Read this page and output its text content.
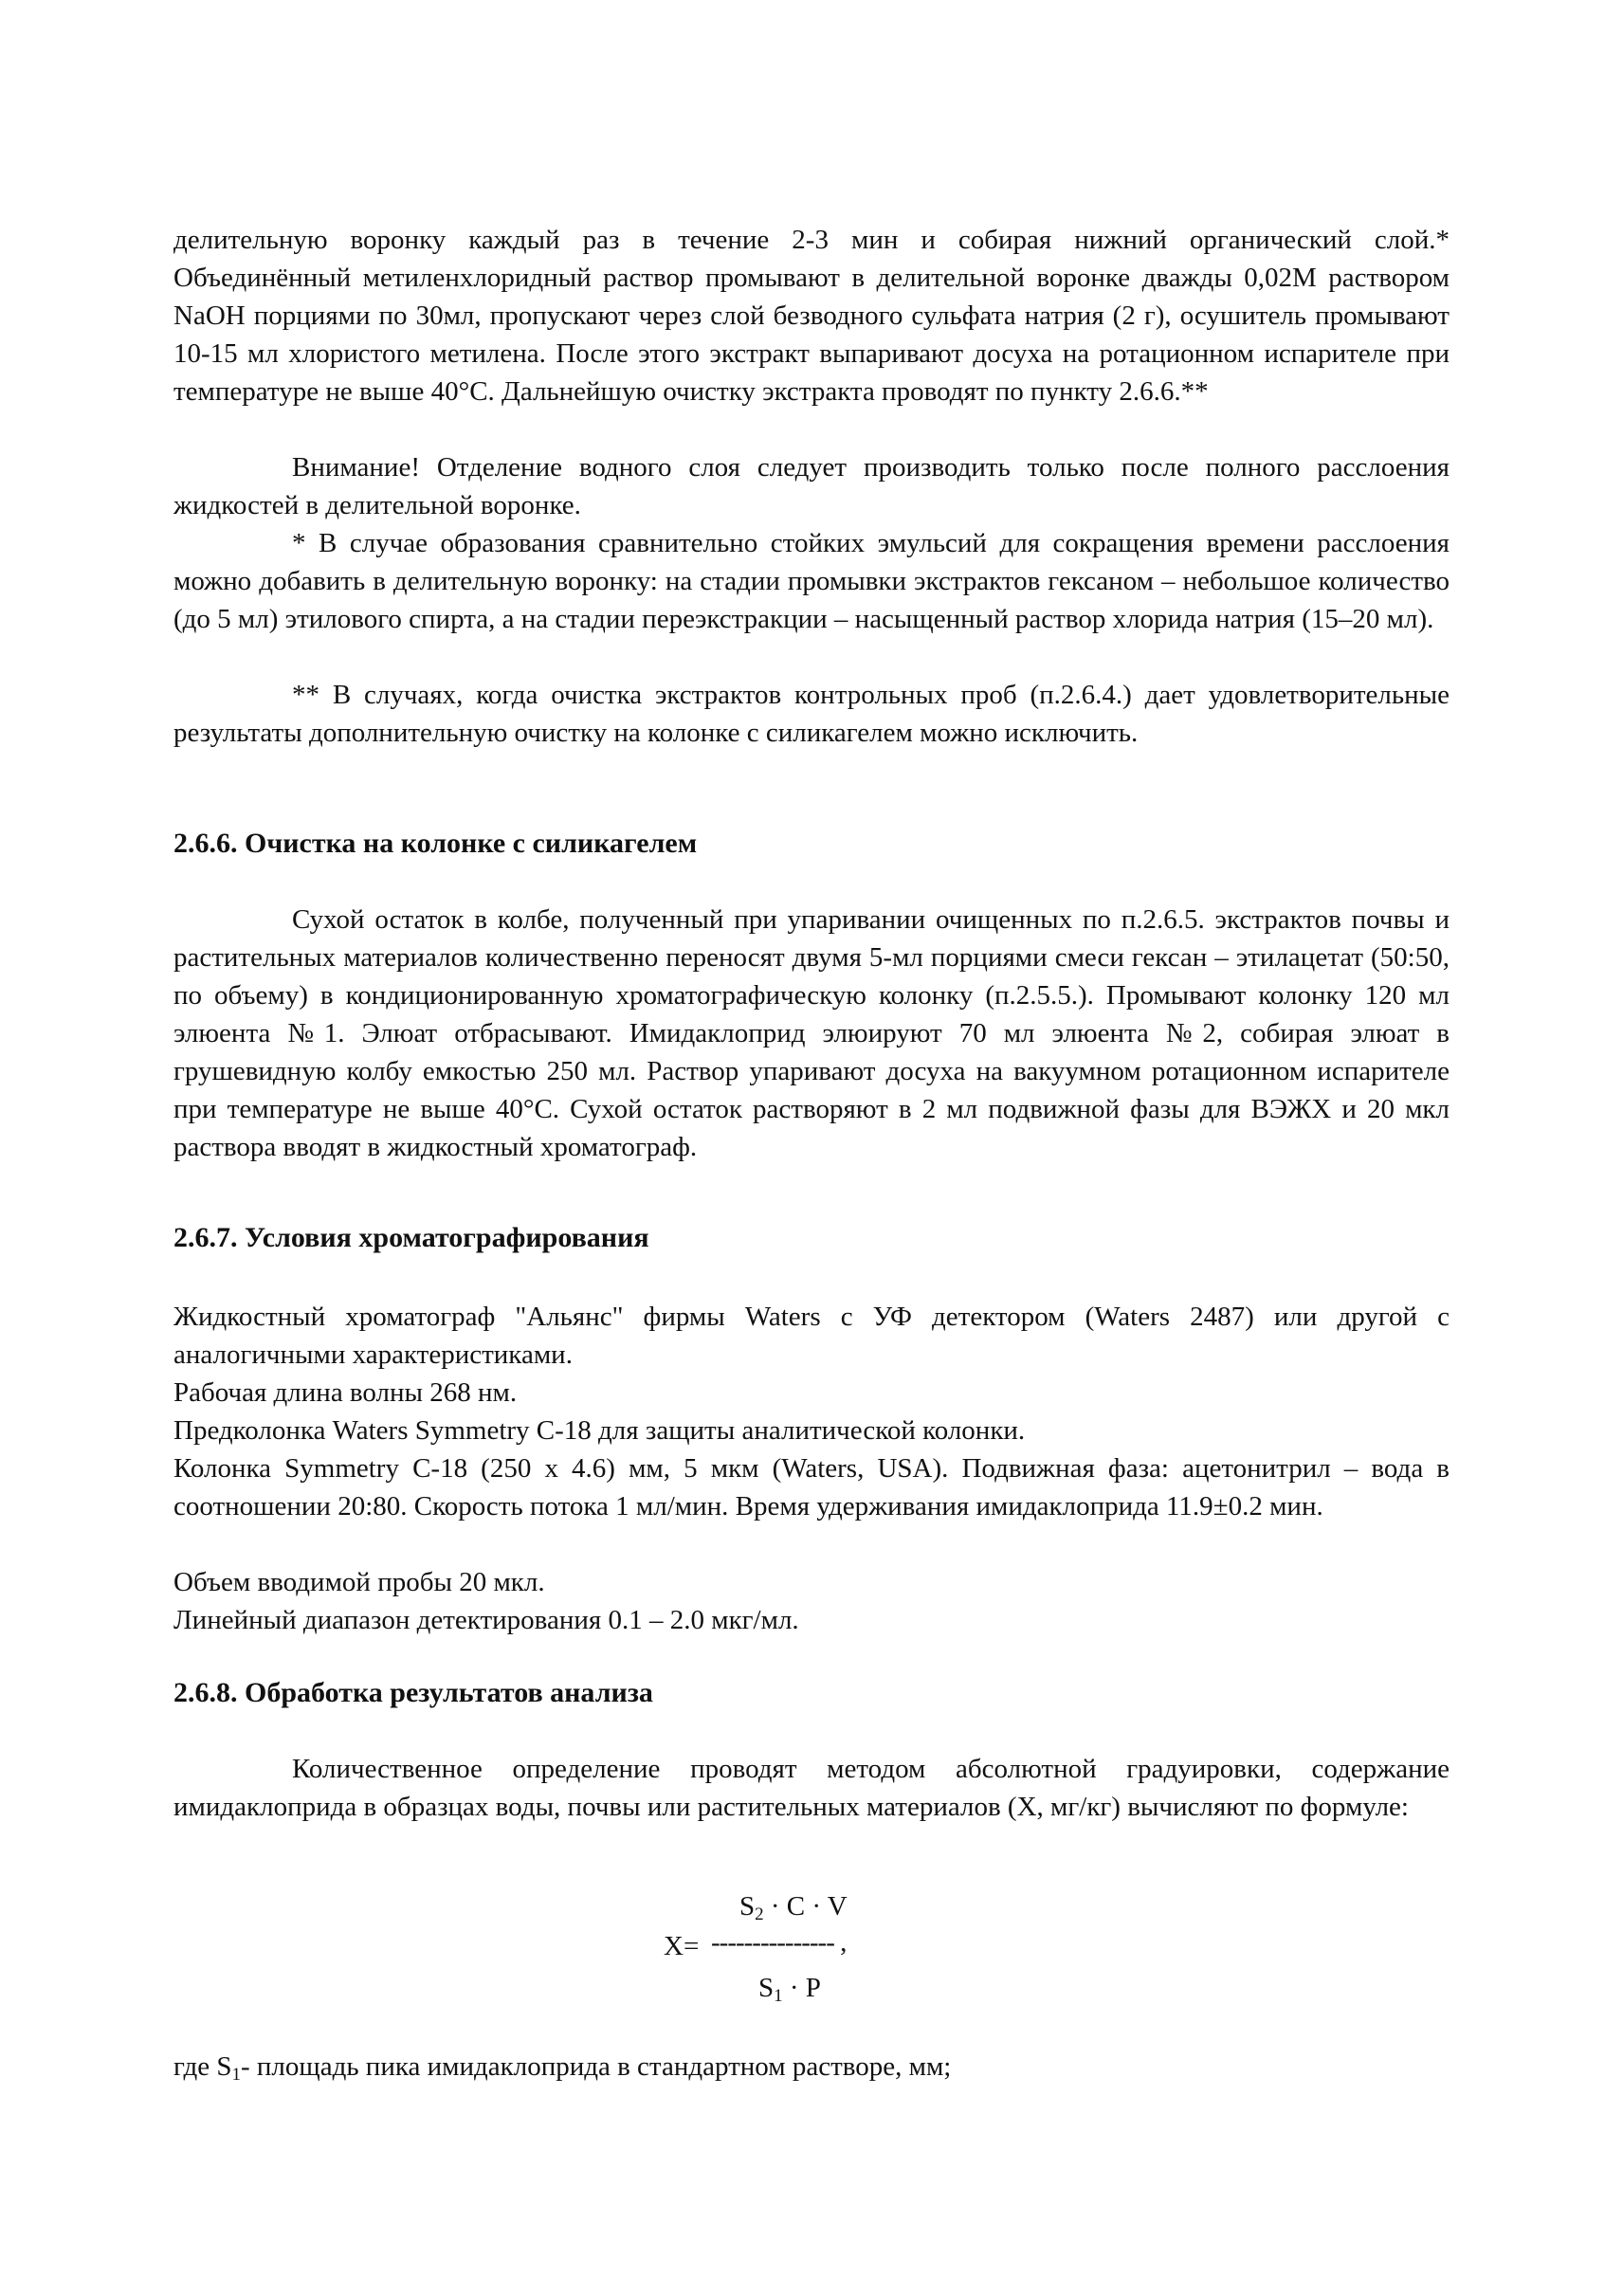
делительную воронку каждый раз в течение 2-3 мин и собирая нижний органический слой.*

Объединённый метиленхлоридный раствор промывают в делительной воронке дважды 0,02М раствором NaOH порциями по 30мл, пропускают через слой безводного сульфата натрия (2 г), осушитель промывают 10-15 мл хлористого метилена. После этого экстракт выпаривают досуха на ротационном испарителе при температуре не выше 40°С. Дальнейшую очистку экстракта проводят по пункту 2.6.6.**

Внимание! Отделение водного слоя следует производить только после полного расслоения жидкостей в делительной воронке.

* В случае образования сравнительно стойких эмульсий для сокращения времени расслоения можно добавить в делительную воронку: на стадии промывки экстрактов гексаном – небольшое количество (до 5 мл) этилового спирта, а на стадии переэкстракции – насыщенный раствор хлорида натрия (15–20 мл).

** В случаях, когда очистка экстрактов контрольных проб (п.2.6.4.) дает удовлетворительные результаты дополнительную очистку на колонке с силикагелем можно исключить.

2.6.6. Очистка на колонке с силикагелем

Сухой остаток в колбе, полученный при упаривании очищенных по п.2.6.5. экстрактов почвы и растительных материалов количественно переносят двумя 5-мл порциями смеси гексан – этилацетат (50:50, по объему) в кондиционированную хроматографическую колонку (п.2.5.5.). Промывают колонку 120 мл элюента №1. Элюат отбрасывают. Имидаклоприд элюируют 70 мл элюента №2, собирая элюат в грушевидную колбу емкостью 250 мл. Раствор упаривают досуха на вакуумном ротационном испарителе при температуре не выше 40°С. Сухой остаток растворяют в 2 мл подвижной фазы для ВЭЖХ и 20 мкл раствора вводят в жидкостный хроматограф.

2.6.7. Условия хроматографирования

Жидкостный хроматограф "Альянс" фирмы Waters с УФ детектором (Waters 2487) или другой с аналогичными характеристиками.

Рабочая длина волны 268 нм.

Предколонка Waters Symmetry С-18 для защиты аналитической колонки.

Колонка Symmetry С-18 (250 х 4.6) мм, 5 мкм (Waters, USA). Подвижная фаза: ацетонитрил – вода в соотношении 20:80. Скорость потока 1 мл/мин. Время удерживания имидаклоприда 11.9±0.2 мин.

Объем вводимой пробы 20 мкл.

Линейный диапазон детектирования 0.1 – 2.0 мкг/мл.

2.6.8. Обработка результатов анализа

Количественное определение проводят методом абсолютной градуировки, содержание имидаклоприда в образцах воды, почвы или растительных материалов (Х, мг/кг) вычисляют по формуле:

$S_2 \cdot C \cdot V$
X= --------------- ,
$S_1 \cdot P$

где $S_1-$ площадь пика имидаклоприда в стандартном растворе, мм;
